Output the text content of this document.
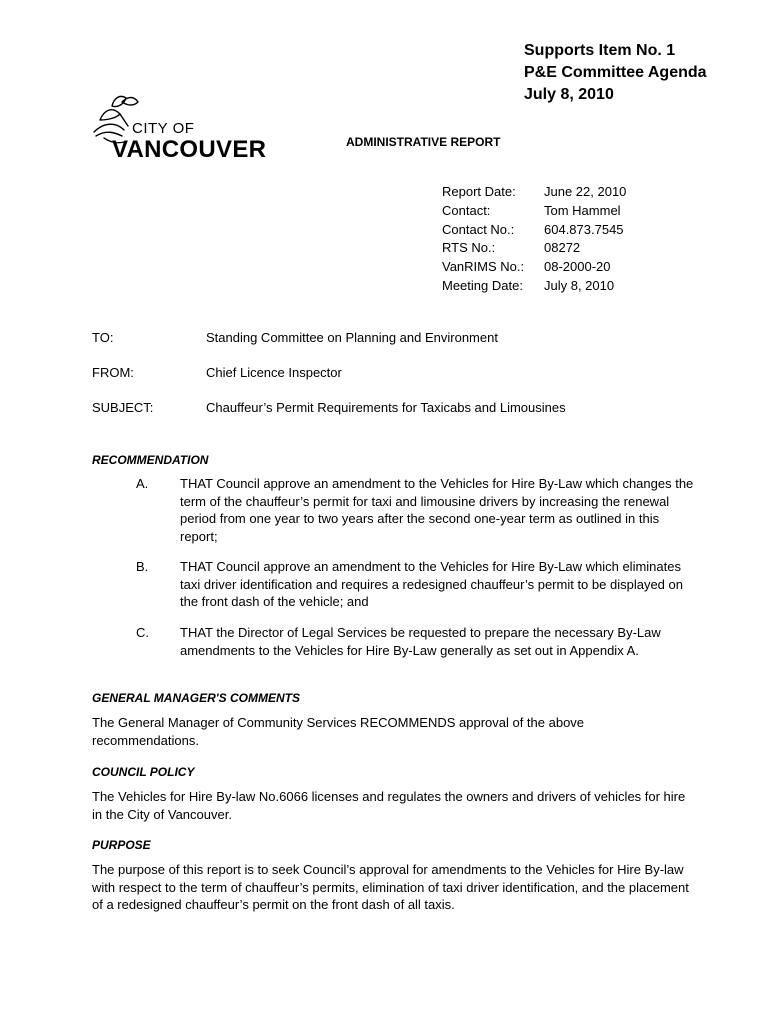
Supports Item No. 1
P&E Committee Agenda
July 8, 2010
CITY OF
VANCOUVER	ADMINISTRATIVE REPORT
Report Date:	June 22, 2010
Contact:	Tom Hammel
Contact No.:	604.873.7545
RTS No.:	08272
VanRIMS No.:	08-2000-20
Meeting Date:	July 8, 2010
TO:	Standing Committee on Planning and Environment
FROM:	Chief Licence Inspector
SUBJECT:	Chauffeur’s Permit Requirements for Taxicabs and Limousines
RECOMMENDATION
A.	THAT Council approve an amendment to the Vehicles for Hire By-Law which changes the term of the chauffeur’s permit for taxi and limousine drivers by increasing the renewal period from one year to two years after the second one-year term as outlined in this report;
B.	THAT Council approve an amendment to the Vehicles for Hire By-Law which eliminates taxi driver identification and requires a redesigned chauffeur’s permit to be displayed on the front dash of the vehicle; and
C.	THAT the Director of Legal Services be requested to prepare the necessary By-Law amendments to the Vehicles for Hire By-Law generally as set out in Appendix A.
GENERAL MANAGER'S COMMENTS
The General Manager of Community Services RECOMMENDS approval of the above recommendations.
COUNCIL POLICY
The Vehicles for Hire By-law No.6066 licenses and regulates the owners and drivers of vehicles for hire in the City of Vancouver.
PURPOSE
The purpose of this report is to seek Council’s approval for amendments to the Vehicles for Hire By-law with respect to the term of chauffeur’s permits, elimination of taxi driver identification, and the placement of a redesigned chauffeur’s permit on the front dash of all taxis.
